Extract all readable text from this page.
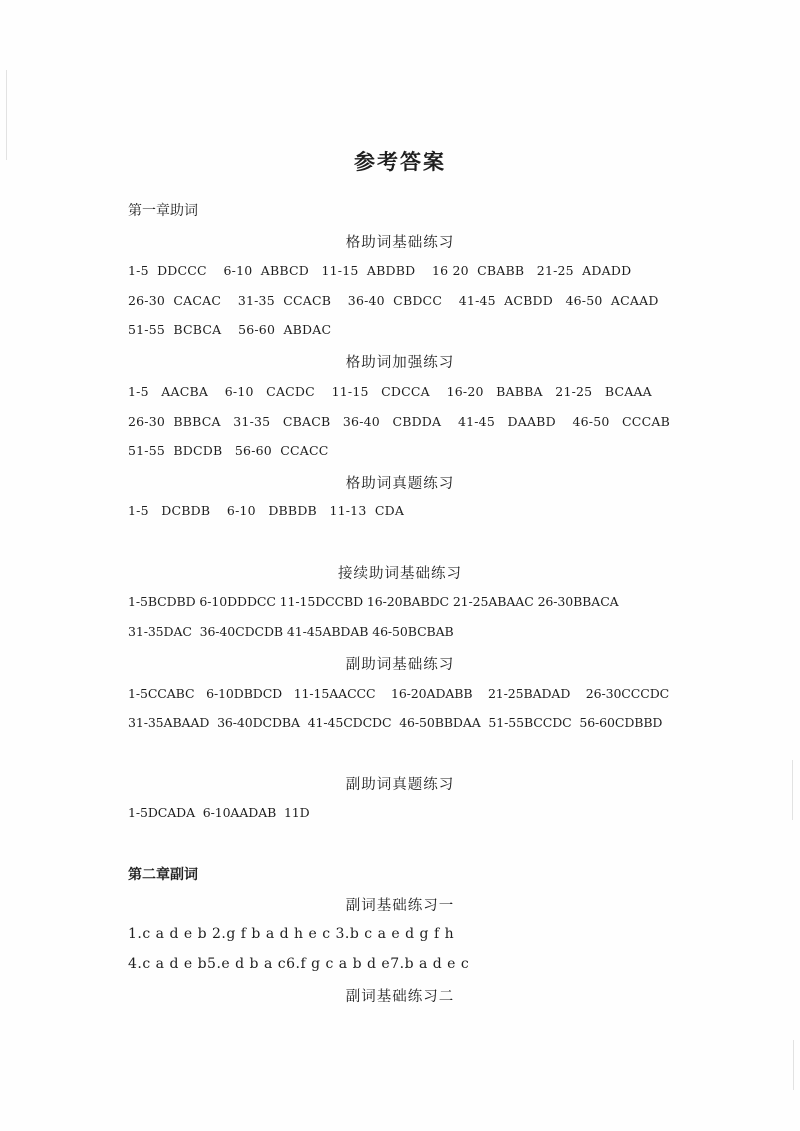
参考答案
第一章助词
格助词基础练习
1-5  DDCCC    6-10  ABBCD   11-15  ABDBD    16 20  CBABB   21-25  ADADD
26-30  CACAC    31-35  CCACB    36-40  CBDCC    41-45  ACBDD   46-50  ACAAD
51-55  BCBCA    56-60  ABDAC
格助词加强练习
1-5   AACBA    6-10   CACDC    11-15   CDCCA    16-20   BABBA   21-25   BCAAA
26-30  BBBCA   31-35   CBACB   36-40   CBDDA    41-45   DAABD    46-50   CCCAB
51-55  BDCDB   56-60  CCACC
格助词真题练习
1-5   DCBDB    6-10   DBBDB   11-13  CDA
接续助词基础练习
1-5BCDBD 6-10DDDCC 11-15DCCBD 16-20BABDC 21-25ABAAC 26-30BBACA
31-35DAC  36-40CDCDB 41-45ABDAB 46-50BCBAB
副助词基础练习
1-5CCABC   6-10DBDCD   11-15AACCC    16-20ADABB    21-25BADAD    26-30CCCDC
31-35ABAAD  36-40DCDBA  41-45CDCDC  46-50BBDAA  51-55BCCDC  56-60CDBBD
副助词真题练习
1-5DCADA  6-10AADAB  11D
第二章副词
副词基础练习一
1.c a d e b 2.g f b a d h e c 3.b c a e d g f h
4.c a d e b5.e d b a c6.f g c a b d e7.b a d e c
副词基础练习二
